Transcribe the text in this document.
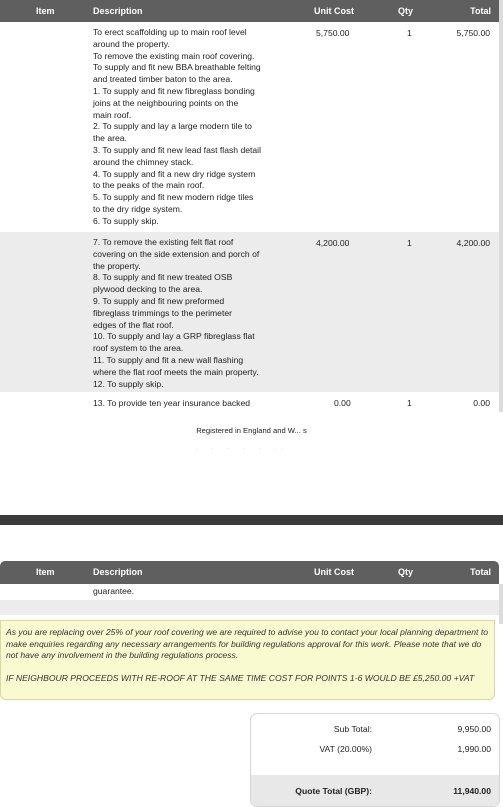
Item	Description	Unit Cost	Qty	Total
To erect scaffolding up to main roof level
around the property.
To remove the existing main roof covering.
To supply and fit new BBA breathable felting
and treated timber baton to the area.
1. To supply and fit new fibreglass bonding
joins at the neighbouring points on the
main roof.
2. To supply and lay a large modern tile to
the area.
3. To supply and fit new lead fast flash detail
around the chimney stack.
4. To supply and fit a new dry ridge system
to the peaks of the main roof.
5. To supply and fit new modern ridge tiles
to the dry ridge system.
6. To supply skip.
5,750.00	1	5,750.00
7. To remove the existing felt flat roof
covering on the side extension and porch of
the property.
8. To supply and fit new treated OSB
plywood decking to the area.
9. To supply and fit new preformed
fibreglass trimmings to the perimeter
edges of the flat roof.
10. To supply and lay a GRP fibreglass flat
roof system to the area.
11. To supply and fit a new wall flashing
where the flat roof meets the main property.
12. To supply skip.
4,200.00	1	4,200.00
13. To provide ten year insurance backed	0.00	1	0.00
Registered in England and W... s
. · · · · ..
Item	Description	Unit Cost	Qty	Total
guarantee.

As you are replacing over 25% of your roof covering we are required to advise you to contact your local planning department to make enquiries regarding any necessary arrangements for building regulations approval for this work. Please note that we do not have any involvement in the building regulations process.

IF NEIGHBOUR PROCEEDS WITH RE-ROOF AT THE SAME TIME COST FOR POINTS 1-6 WOULD BE £5,250.00 +VAT

Sub Total:	9,950.00
VAT (20.00%)	1,990.00
Quote Total (GBP):	11,940.00
